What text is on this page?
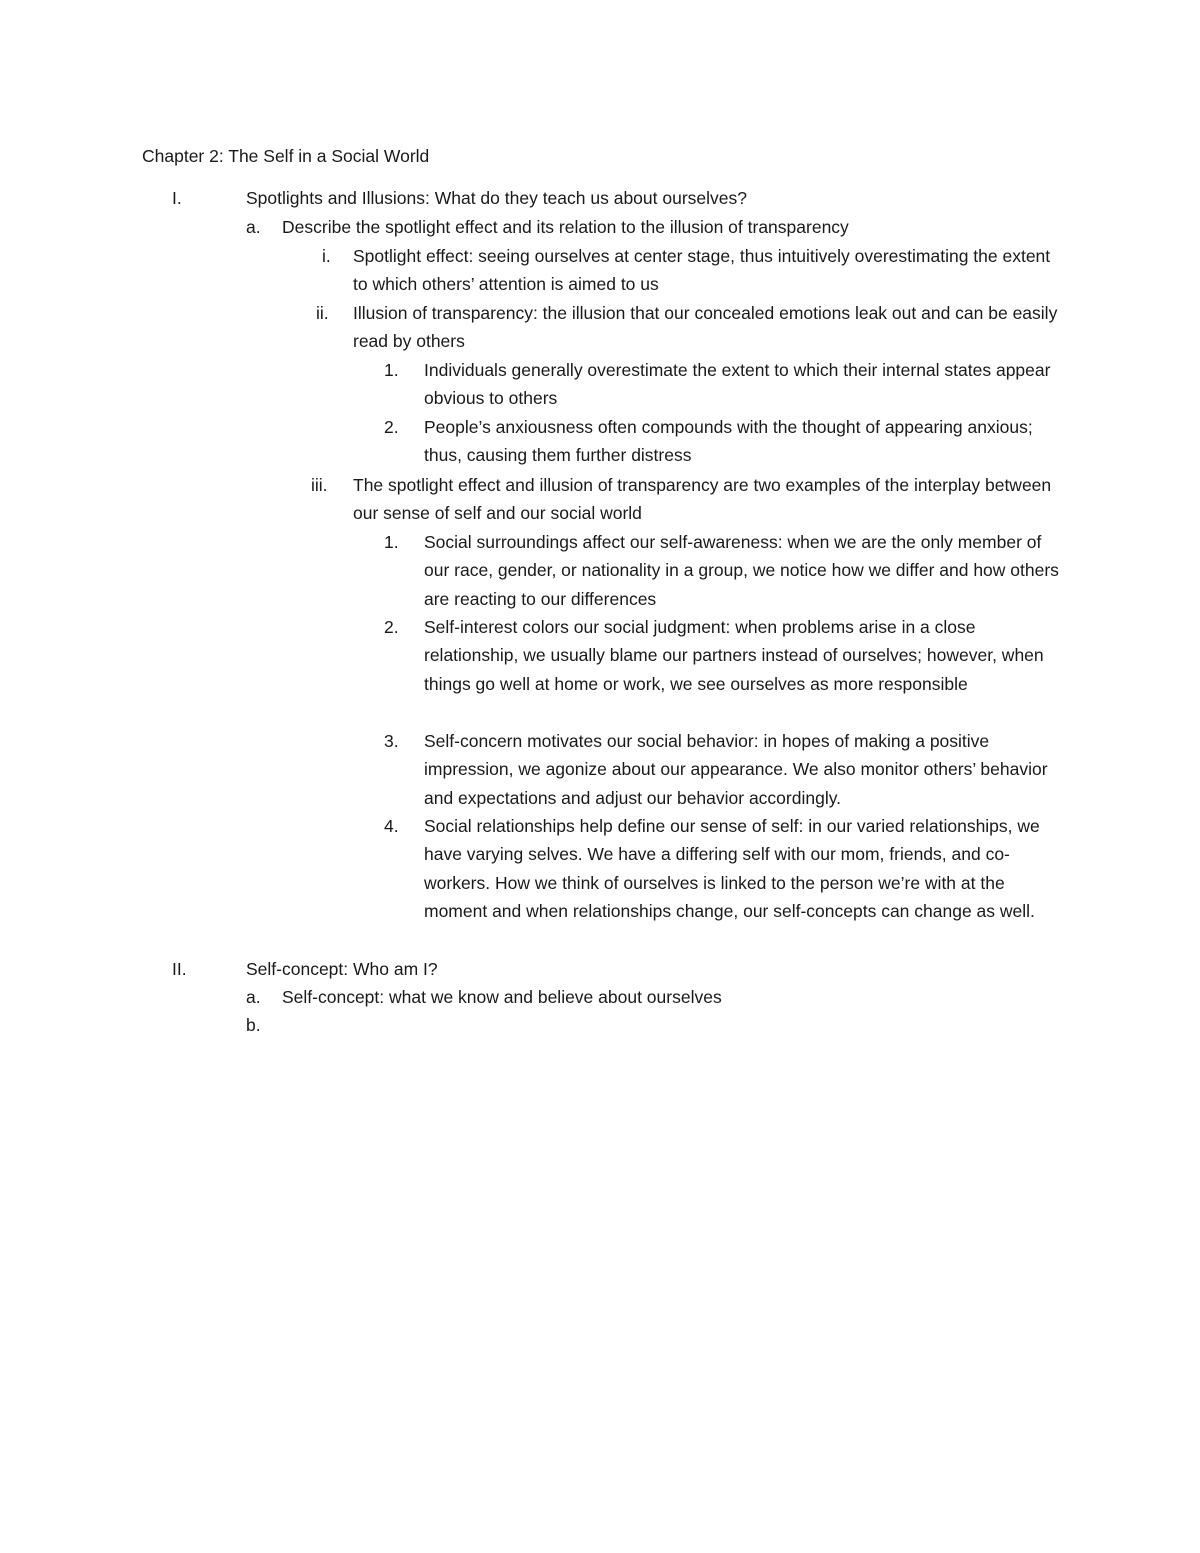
Chapter 2: The Self in a Social World
I.	Spotlights and Illusions: What do they teach us about ourselves?
a. Describe the spotlight effect and its relation to the illusion of transparency
i. Spotlight effect: seeing ourselves at center stage, thus intuitively overestimating the extent to which others’ attention is aimed to us
ii. Illusion of transparency: the illusion that our concealed emotions leak out and can be easily read by others
1. Individuals generally overestimate the extent to which their internal states appear obvious to others
2. People’s anxiousness often compounds with the thought of appearing anxious; thus, causing them further distress
iii. The spotlight effect and illusion of transparency are two examples of the interplay between our sense of self and our social world
1. Social surroundings affect our self-awareness: when we are the only member of our race, gender, or nationality in a group, we notice how we differ and how others are reacting to our differences
2. Self-interest colors our social judgment: when problems arise in a close relationship, we usually blame our partners instead of ourselves; however, when things go well at home or work, we see ourselves as more responsible
3. Self-concern motivates our social behavior: in hopes of making a positive impression, we agonize about our appearance. We also monitor others’ behavior and expectations and adjust our behavior accordingly.
4. Social relationships help define our sense of self: in our varied relationships, we have varying selves. We have a differing self with our mom, friends, and co-workers. How we think of ourselves is linked to the person we’re with at the moment and when relationships change, our self-concepts can change as well.
II.	Self-concept: Who am I?
a. Self-concept: what we know and believe about ourselves
b.
